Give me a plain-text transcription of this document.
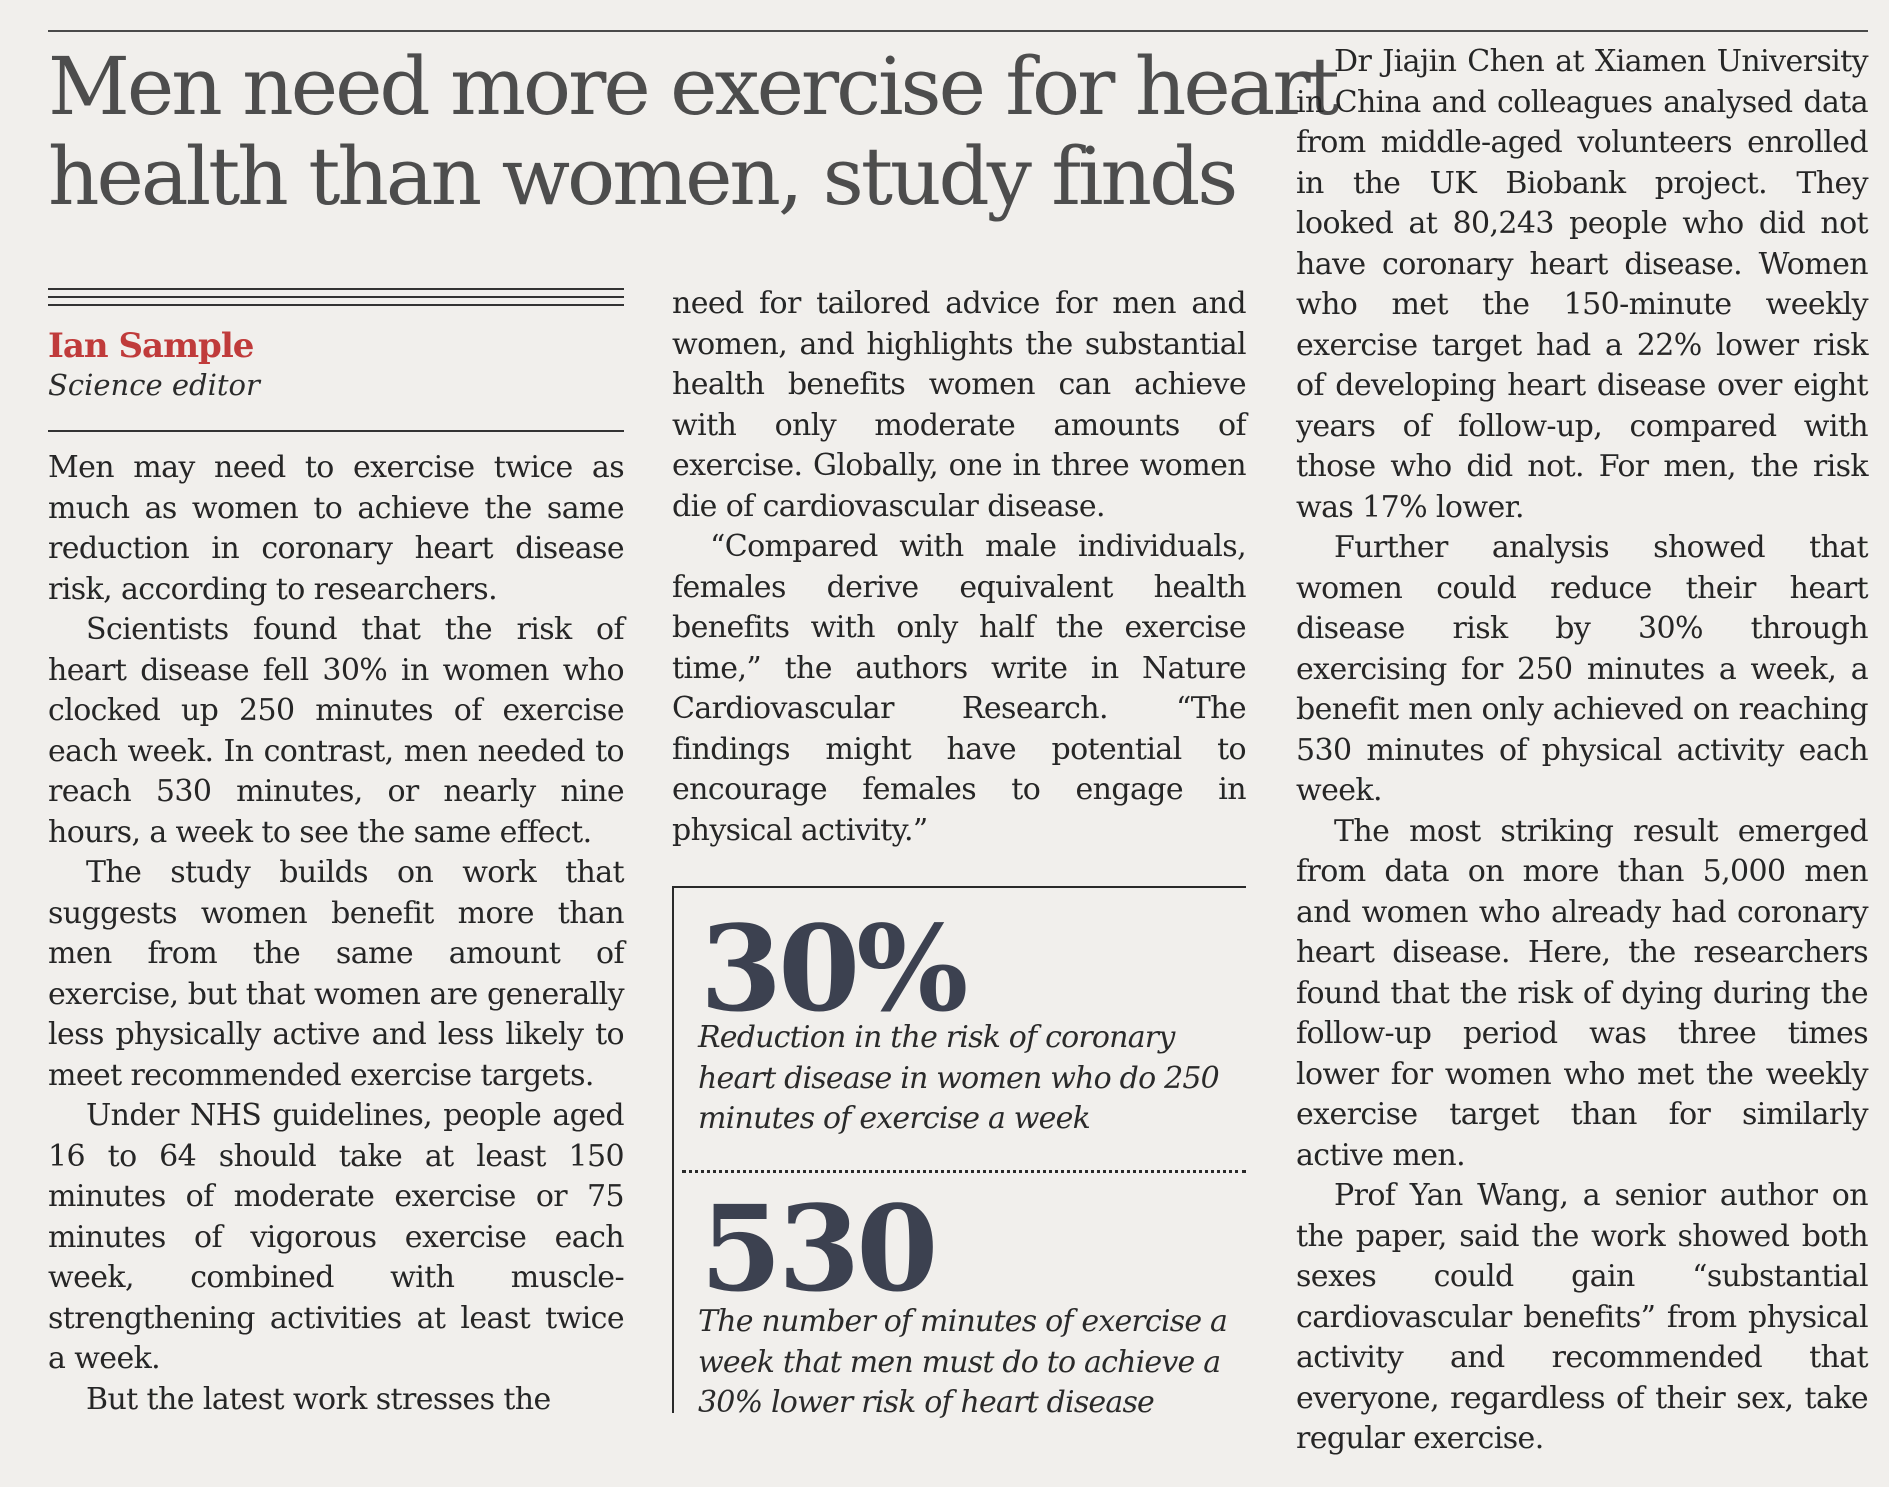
Men need more exercise for heart
health than women, study finds
Ian Sample
Science editor

Men may need to exercise twice as much as women to achieve the same reduction in coronary heart disease risk, according to researchers.

Scientists found that the risk of heart disease fell 30% in women who clocked up 250 minutes of exercise each week. In contrast, men needed to reach 530 minutes, or nearly nine hours, a week to see the same effect.

The study builds on work that suggests women benefit more than men from the same amount of exercise, but that women are generally less physically active and less likely to meet recommended exercise targets.

Under NHS guidelines, people aged 16 to 64 should take at least 150 minutes of moderate exercise or 75 minutes of vigorous exercise each week, combined with muscle-strengthening activities at least twice a week.

But the latest work stresses the

need for tailored advice for men and women, and highlights the substantial health benefits women can achieve with only moderate amounts of exercise. Globally, one in three women die of cardiovascular disease.

“Compared with male individuals, females derive equivalent health benefits with only half the exercise time,” the authors write in Nature Cardiovascular Research. “The findings might have potential to encourage females to engage in physical activity.”

30%
Reduction in the risk of coronary heart disease in women who do 250 minutes of exercise a week
530
The number of minutes of exercise a week that men must do to achieve a 30% lower risk of heart disease

Dr Jiajin Chen at Xiamen University in China and colleagues analysed data from middle-aged volunteers enrolled in the UK Biobank project. They looked at 80,243 people who did not have coronary heart disease. Women who met the 150-minute weekly exercise target had a 22% lower risk of developing heart disease over eight years of follow-up, compared with those who did not. For men, the risk was 17% lower.

Further analysis showed that women could reduce their heart disease risk by 30% through exercising for 250 minutes a week, a benefit men only achieved on reaching 530 minutes of physical activity each week.

The most striking result emerged from data on more than 5,000 men and women who already had coronary heart disease. Here, the researchers found that the risk of dying during the follow-up period was three times lower for women who met the weekly exercise target than for similarly active men.

Prof Yan Wang, a senior author on the paper, said the work showed both sexes could gain “substantial cardiovascular benefits” from physical activity and recommended that everyone, regardless of their sex, take regular exercise.
